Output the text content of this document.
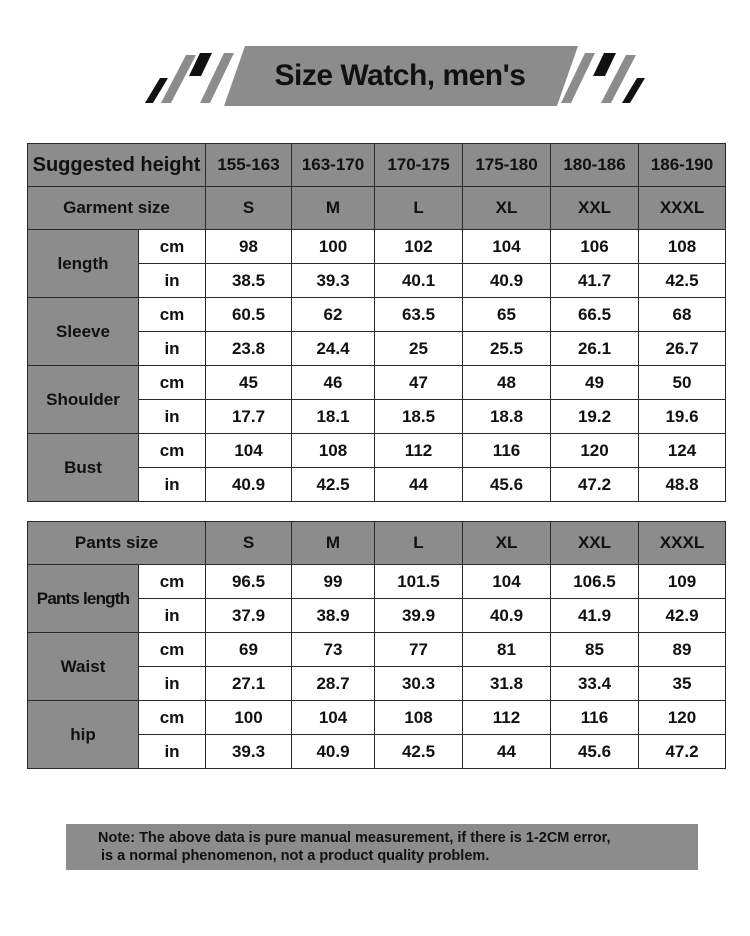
Size Watch, men's
Suggested height		155-163	163-170	170-175	175-180	180-186	186-190
Garment size		S	M	L	XL	XXL	XXXL
length	cm	98	100	102	104	106	108
	in	38.5	39.3	40.1	40.9	41.7	42.5
Sleeve	cm	60.5	62	63.5	65	66.5	68
	in	23.8	24.4	25	25.5	26.1	26.7
Shoulder	cm	45	46	47	48	49	50
	in	17.7	18.1	18.5	18.8	19.2	19.6
Bust	cm	104	108	112	116	120	124
	in	40.9	42.5	44	45.6	47.2	48.8
Pants size		S	M	L	XL	XXL	XXXL
Pants length	cm	96.5	99	101.5	104	106.5	109
	in	37.9	38.9	39.9	40.9	41.9	42.9
Waist	cm	69	73	77	81	85	89
	in	27.1	28.7	30.3	31.8	33.4	35
hip	cm	100	104	108	112	116	120
	in	39.3	40.9	42.5	44	45.6	47.2
Note: The above data is pure manual measurement, if there is 1-2CM error,
is a normal phenomenon, not a product quality problem.
